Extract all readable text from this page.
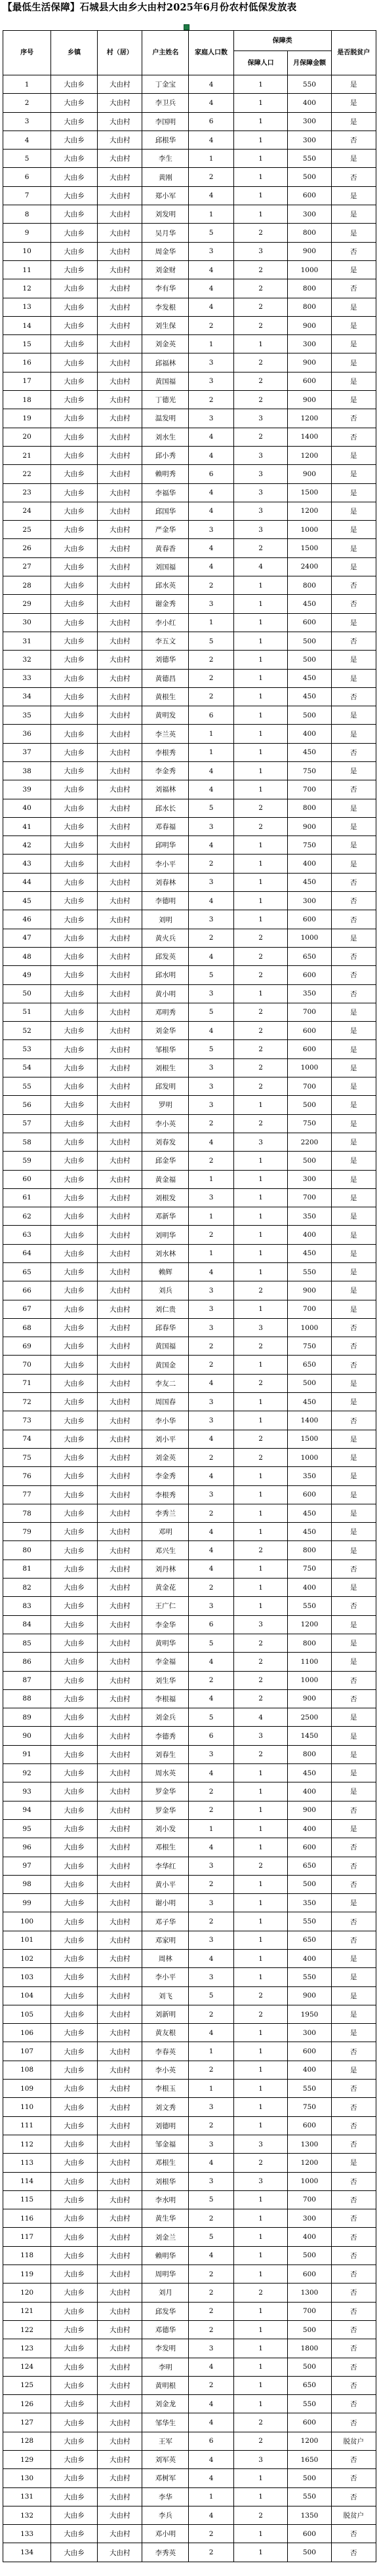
【最低生活保障】石城县大由乡大由村2025年6月份农村低保发放表
序号	乡镇	村（居）	户主姓名	家庭人口数	保障类		是否脱贫户
					保障人口	月保障金额	
1	大由乡	大由村	丁金宝	4	1	550	是
2	大由乡	大由村	李卫兵	4	1	400	是
3	大由乡	大由村	李国明	6	1	300	是
4	大由乡	大由村	邱根华	4	1	300	否
5	大由乡	大由村	李生	1	1	550	是
6	大由乡	大由村	黄刚	2	1	500	否
7	大由乡	大由村	郑小军	4	1	600	是
8	大由乡	大由村	刘发明	1	1	300	是
9	大由乡	大由村	吴月华	5	2	800	是
10	大由乡	大由村	周金华	3	3	900	否
11	大由乡	大由村	刘金财	4	2	1000	是
12	大由乡	大由村	李有华	4	2	800	否
13	大由乡	大由村	李发根	4	2	800	是
14	大由乡	大由村	刘生保	2	2	900	是
15	大由乡	大由村	刘金英	1	1	300	是
16	大由乡	大由村	邱福林	3	2	900	是
17	大由乡	大由村	黄国福	3	2	600	是
18	大由乡	大由村	丁德光	2	2	900	是
19	大由乡	大由村	温发明	3	3	1200	否
20	大由乡	大由村	刘水生	4	2	1400	否
21	大由乡	大由村	邱小秀	4	3	1200	是
22	大由乡	大由村	赖明秀	6	3	900	是
23	大由乡	大由村	李福华	4	3	1500	是
24	大由乡	大由村	邱国华	4	3	1200	是
25	大由乡	大由村	严金华	3	3	1000	是
26	大由乡	大由村	黄春香	4	2	1500	是
27	大由乡	大由村	刘国福	4	4	2400	是
28	大由乡	大由村	邱水英	2	1	800	否
29	大由乡	大由村	谢金秀	3	1	450	否
30	大由乡	大由村	李小红	1	1	600	是
31	大由乡	大由村	李五文	5	1	500	否
32	大由乡	大由村	刘德华	2	1	500	是
33	大由乡	大由村	黄德昌	2	1	450	是
34	大由乡	大由村	黄根生	2	1	450	否
35	大由乡	大由村	黄明发	6	1	500	是
36	大由乡	大由村	李兰英	1	1	400	是
37	大由乡	大由村	李根秀	1	1	450	否
38	大由乡	大由村	李金秀	4	1	750	是
39	大由乡	大由村	刘福林	4	1	700	否
40	大由乡	大由村	邱水长	5	2	800	是
41	大由乡	大由村	邓春福	3	2	900	是
42	大由乡	大由村	邱明华	4	1	750	是
43	大由乡	大由村	李小平	2	1	400	是
44	大由乡	大由村	刘春林	3	1	450	否
45	大由乡	大由村	李德明	4	1	300	否
46	大由乡	大由村	刘明	3	1	600	否
47	大由乡	大由村	黄火兵	2	2	1000	是
48	大由乡	大由村	邱发英	4	2	650	否
49	大由乡	大由村	邱水明	5	2	600	否
50	大由乡	大由村	黄小明	3	1	350	否
51	大由乡	大由村	邓明秀	5	2	700	是
52	大由乡	大由村	刘金华	4	2	600	是
53	大由乡	大由村	邹根华	5	2	600	是
54	大由乡	大由村	刘根生	3	2	1000	是
55	大由乡	大由村	邱发明	3	2	700	是
56	大由乡	大由村	罗明	3	1	500	是
57	大由乡	大由村	李小英	2	2	750	是
58	大由乡	大由村	刘春发	4	3	2200	是
59	大由乡	大由村	邱金华	2	1	500	是
60	大由乡	大由村	黄金福	1	1	300	是
61	大由乡	大由村	刘根发	3	1	700	是
62	大由乡	大由村	邓新华	1	1	350	是
63	大由乡	大由村	刘明华	2	1	400	是
64	大由乡	大由村	刘水林	1	1	450	是
65	大由乡	大由村	赖辉	4	1	550	是
66	大由乡	大由村	刘兵	3	2	900	是
67	大由乡	大由村	刘仁贵	3	1	700	是
68	大由乡	大由村	邱春华	3	3	1000	否
69	大由乡	大由村	黄国福	2	2	750	否
70	大由乡	大由村	黄国金	2	1	650	否
71	大由乡	大由村	李友二	4	2	500	是
72	大由乡	大由村	周国春	3	1	450	是
73	大由乡	大由村	李小华	3	1	1400	否
74	大由乡	大由村	刘小平	4	2	1500	是
75	大由乡	大由村	刘金英	2	2	1000	是
76	大由乡	大由村	李金秀	4	1	350	是
77	大由乡	大由村	李根秀	3	1	600	是
78	大由乡	大由村	李秀兰	2	1	450	是
79	大由乡	大由村	邓明	4	1	450	是
80	大由乡	大由村	邓兴生	4	2	800	是
81	大由乡	大由村	刘丹林	4	1	750	否
82	大由乡	大由村	黄金花	2	1	400	是
83	大由乡	大由村	王广仁	3	1	550	否
84	大由乡	大由村	李金华	6	3	1200	是
85	大由乡	大由村	黄明华	5	2	800	是
86	大由乡	大由村	李金福	4	2	1100	是
87	大由乡	大由村	刘生华	2	2	1000	否
88	大由乡	大由村	李根福	4	2	900	否
89	大由乡	大由村	刘金兵	5	4	2500	是
90	大由乡	大由村	李德秀	6	3	1450	是
91	大由乡	大由村	刘春生	3	2	800	是
92	大由乡	大由村	周水英	4	1	450	是
93	大由乡	大由村	罗金华	2	1	400	是
94	大由乡	大由村	罗金华	2	1	900	否
95	大由乡	大由村	刘小发	1	1	400	是
96	大由乡	大由村	邓根生	4	1	600	否
97	大由乡	大由村	李华红	3	2	650	否
98	大由乡	大由村	黄小平	2	1	500	否
99	大由乡	大由村	谢小明	3	1	350	是
100	大由乡	大由村	邓子华	2	1	550	否
101	大由乡	大由村	邓家明	3	1	650	否
102	大由乡	大由村	周林	4	1	400	是
103	大由乡	大由村	李小平	3	1	550	是
104	大由乡	大由村	刘飞	5	2	900	是
105	大由乡	大由村	刘新明	2	2	1950	是
106	大由乡	大由村	黄友根	4	1	300	是
107	大由乡	大由村	李春英	1	1	600	否
108	大由乡	大由村	李小英	2	1	400	是
109	大由乡	大由村	李根玉	1	1	550	否
110	大由乡	大由村	刘文秀	3	1	750	否
111	大由乡	大由村	刘德明	2	1	600	否
112	大由乡	大由村	邹金福	3	3	1300	否
113	大由乡	大由村	邓根生	4	2	1200	是
114	大由乡	大由村	刘根华	3	3	1000	否
115	大由乡	大由村	李水明	5	1	700	否
116	大由乡	大由村	黄生华	2	1	300	否
117	大由乡	大由村	刘金兰	5	1	400	否
118	大由乡	大由村	赖明华	4	1	500	否
119	大由乡	大由村	周明华	2	1	600	否
120	大由乡	大由村	刘月	2	2	1300	否
121	大由乡	大由村	邱发华	2	1	700	否
122	大由乡	大由村	邓德华	2	1	500	否
123	大由乡	大由村	李发明	3	1	1800	否
124	大由乡	大由村	李明	4	1	500	否
125	大由乡	大由村	黄明根	2	1	650	否
126	大由乡	大由村	刘金龙	4	1	550	否
127	大由乡	大由村	邹华生	4	2	600	否
128	大由乡	大由村	王军	6	2	1200	脱贫户
129	大由乡	大由村	刘军英	4	3	1650	否
130	大由乡	大由村	邓树军	4	1	500	否
131	大由乡	大由村	李华	1	1	550	否
132	大由乡	大由村	李兵	4	2	1350	脱贫户
133	大由乡	大由村	邓小明	2	1	600	否
134	大由乡	大由村	李秀英	2	1	500	否
